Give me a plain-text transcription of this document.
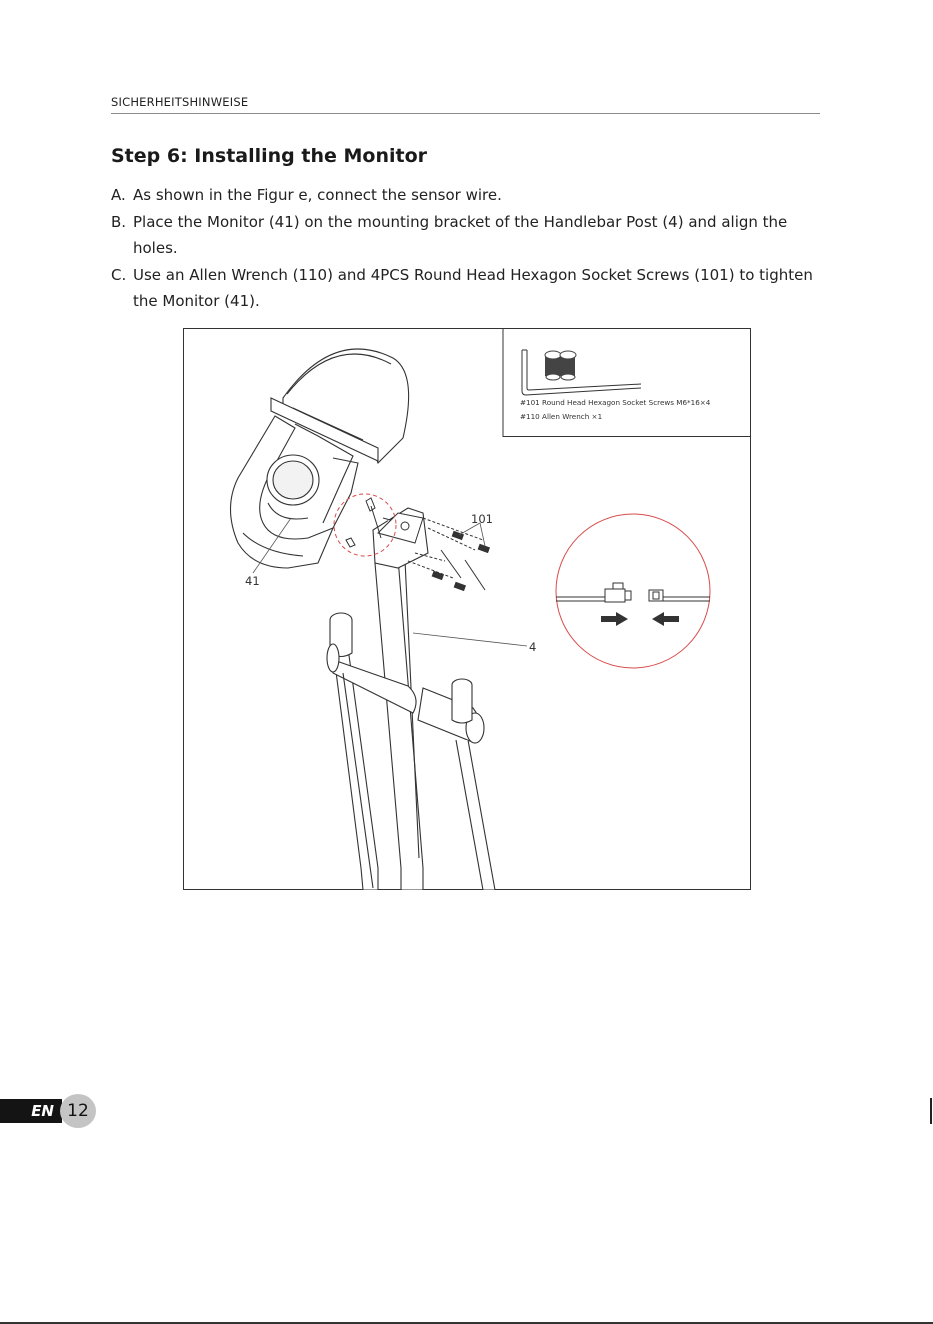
SICHERHEITSHINWEISE
Step 6: Installing the Monitor
A. As shown in the Figur e, connect the sensor wire.
B. Place the Monitor (41) on the mounting bracket of the Handlebar Post (4) and align the holes.
C. Use an Allen Wrench (110) and 4PCS Round Head Hexagon Socket Screws (101) to tighten the Monitor (41).
#101 Round Head Hexagon Socket Screws M6*16×4
#110 Allen Wrench ×1
41
101
4
EN 12
